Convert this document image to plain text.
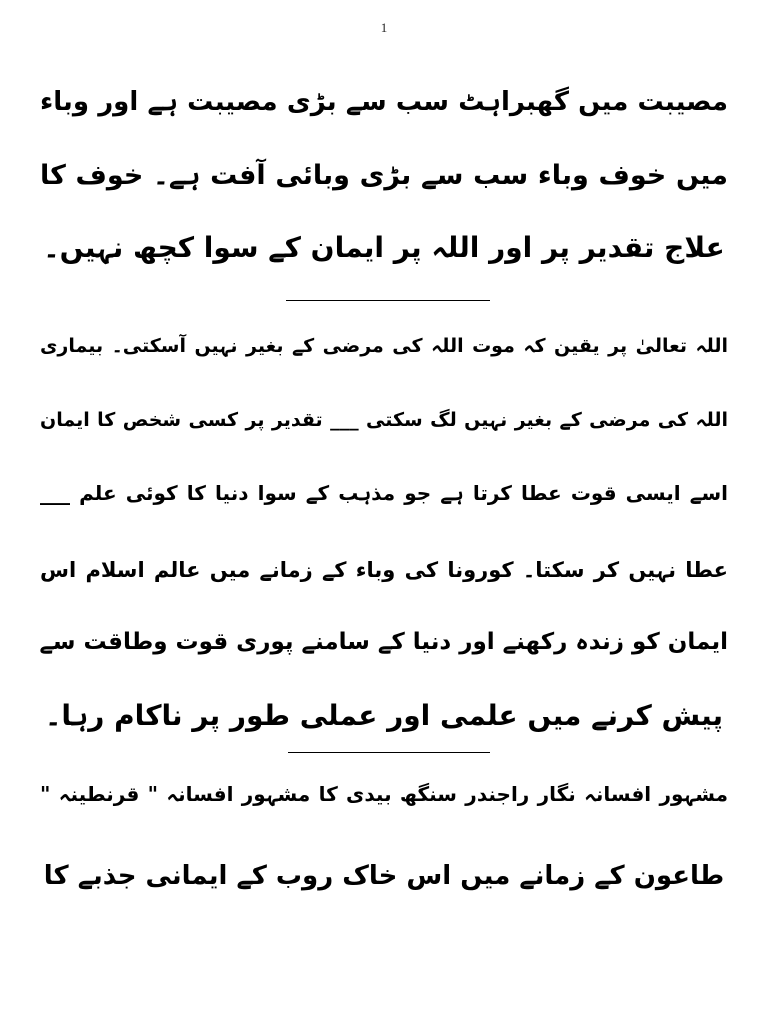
1
مصیبت میں گھبراہٹ سب سے بڑی مصیبت ہے اور وباء
میں خوف وباء سب سے بڑی وبائی آفت ہے۔ خوف کا
علاج تقدیر پر اور اللہ پر ایمان کے سوا کچھ نہیں۔
اللہ تعالیٰ پر یقین کہ موت اللہ کی مرضی کے بغیر نہیں آسکتی۔ بیماری
اللہ کی مرضی کے بغیر نہیں لگ سکتی ___ تقدیر پر کسی شخص کا ایمان
اسے ایسی قوت عطا کرتا ہے جو مذہب کے سوا دنیا کا کوئی علم ___
عطا نہیں کر سکتا۔ کورونا کی وباء کے زمانے میں عالم اسلام اس
ایمان کو زندہ رکھنے اور دنیا کے سامنے پوری قوت وطاقت سے
پیش کرنے میں علمی اور عملی طور پر ناکام رہا۔
مشہور افسانہ نگار راجندر سنگھ بیدی کا مشہور افسانہ " قرنطینہ "
طاعون کے زمانے میں اس خاک روب کے ایمانی جذبے کا
